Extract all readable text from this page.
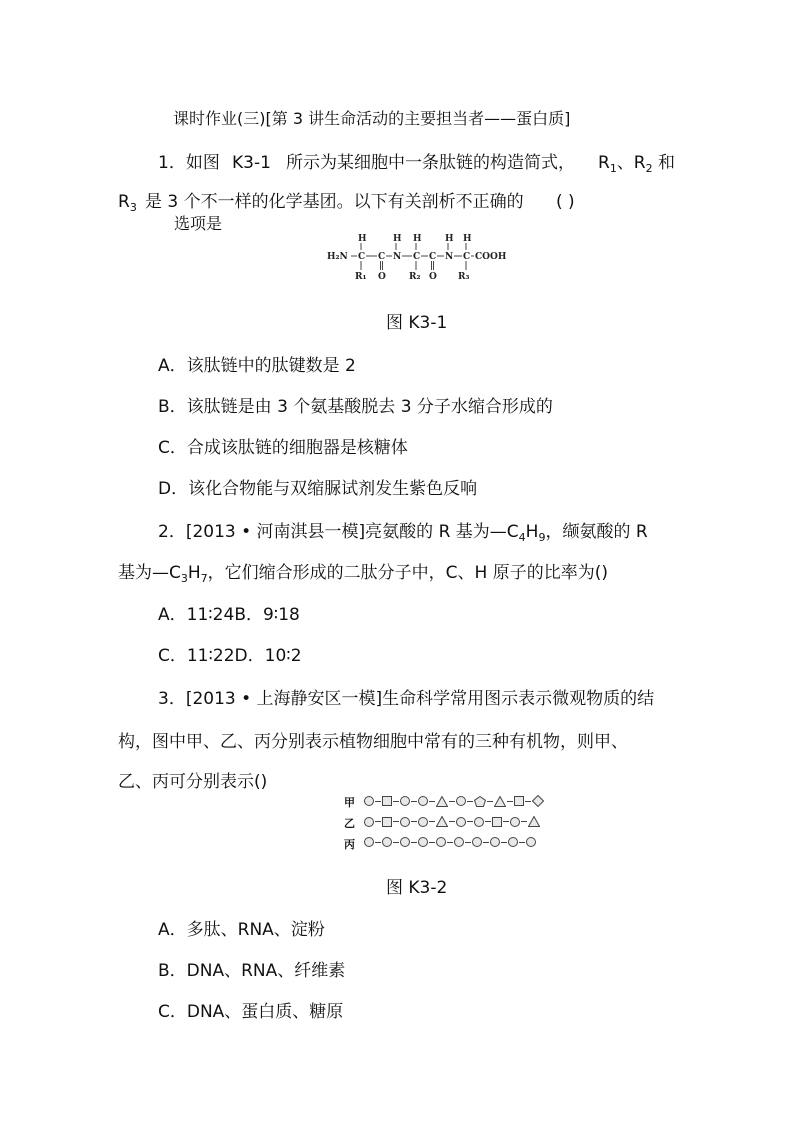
课时作业(三)[第 3 讲生命活动的主要担当者——蛋白质]
1．如图 K3-1 所示为某细胞中一条肽链的构造简式， $R_1$、$R_2$ 和
$R_3$ 是 3 个不一样的化学基团。以下有关剖析不正确的 ( )
选项是
H₂N
H
C C N
H H
C C N
H H
C COOH
R₁ O	R₂ O R₃
图 K3-1
A．该肽链中的肽键数是 2
B．该肽链是由 3 个氨基酸脱去 3 分子水缩合形成的
C．合成该肽链的细胞器是核糖体
D．该化合物能与双缩脲试剂发生紫色反响
2．[2013 • 河南淇县一模]亮氨酸的 R 基为$—C_4H_9$，缬氨酸的 R
基为$—C_3H_7$，它们缩合形成的二肽分子中，C、H 原子的比率为()
A．11∶24B．9∶18
C．11∶22D．10∶2
3．[2013 • 上海静安区一模]生命科学常用图示表示微观物质的结
构，图中甲、乙、丙分别表示植物细胞中常有的三种有机物，则甲、
乙、丙可分别表示()
甲
乙
丙
图 K3-2
A．多肽、RNA、淀粉
B．DNA、RNA、纤维素
C．DNA、蛋白质、糖原
